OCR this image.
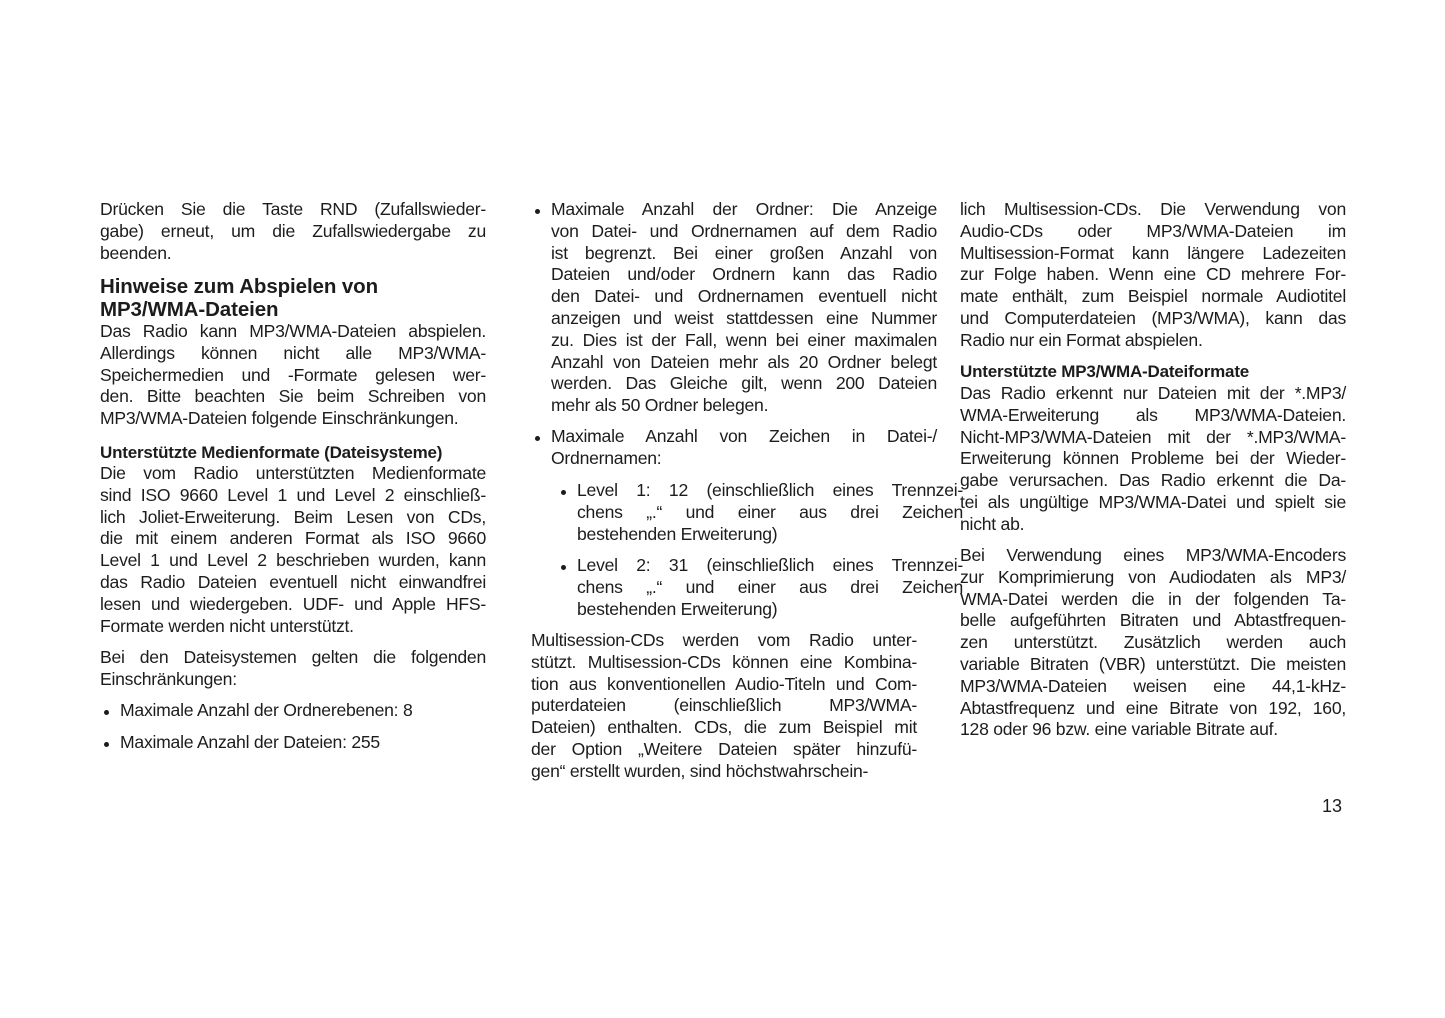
Drücken Sie die Taste RND (Zufallswieder-
gabe) erneut, um die Zufallswiedergabe zu
beenden.
Hinweise zum Abspielen von
MP3/WMA-Dateien
Das Radio kann MP3/WMA-Dateien abspielen.
Allerdings können nicht alle MP3/WMA-
Speichermedien und -Formate gelesen wer-
den. Bitte beachten Sie beim Schreiben von
MP3/WMA-Dateien folgende Einschränkungen.
Unterstützte Medienformate (Dateisysteme)
Die vom Radio unterstützten Medienformate
sind ISO 9660 Level 1 und Level 2 einschließ-
lich Joliet-Erweiterung. Beim Lesen von CDs,
die mit einem anderen Format als ISO 9660
Level 1 und Level 2 beschrieben wurden, kann
das Radio Dateien eventuell nicht einwandfrei
lesen und wiedergeben. UDF- und Apple HFS-
Formate werden nicht unterstützt.
Bei den Dateisystemen gelten die folgenden
Einschränkungen:
Maximale Anzahl der Ordnerebenen: 8
Maximale Anzahl der Dateien: 255
Maximale Anzahl der Ordner: Die Anzeige
von Datei- und Ordnernamen auf dem Radio
ist begrenzt. Bei einer großen Anzahl von
Dateien und/oder Ordnern kann das Radio
den Datei- und Ordnernamen eventuell nicht
anzeigen und weist stattdessen eine Nummer
zu. Dies ist der Fall, wenn bei einer maximalen
Anzahl von Dateien mehr als 20 Ordner belegt
werden. Das Gleiche gilt, wenn 200 Dateien
mehr als 50 Ordner belegen.
Maximale Anzahl von Zeichen in Datei-/
Ordnernamen:
Level 1: 12 (einschließlich eines Trennzei-
chens „.“ und einer aus drei Zeichen
bestehenden Erweiterung)
Level 2: 31 (einschließlich eines Trennzei-
chens „.“ und einer aus drei Zeichen
bestehenden Erweiterung)
Multisession-CDs werden vom Radio unter-
stützt. Multisession-CDs können eine Kombina-
tion aus konventionellen Audio-Titeln und Com-
puterdateien (einschließlich MP3/WMA-
Dateien) enthalten. CDs, die zum Beispiel mit
der Option „Weitere Dateien später hinzufü-
gen“ erstellt wurden, sind höchstwahrschein-
lich Multisession-CDs. Die Verwendung von
Audio-CDs oder MP3/WMA-Dateien im
Multisession-Format kann längere Ladezeiten
zur Folge haben. Wenn eine CD mehrere For-
mate enthält, zum Beispiel normale Audiotitel
und Computerdateien (MP3/WMA), kann das
Radio nur ein Format abspielen.
Unterstützte MP3/WMA-Dateiformate
Das Radio erkennt nur Dateien mit der *.MP3/
WMA-Erweiterung als MP3/WMA-Dateien.
Nicht-MP3/WMA-Dateien mit der *.MP3/WMA-
Erweiterung können Probleme bei der Wieder-
gabe verursachen. Das Radio erkennt die Da-
tei als ungültige MP3/WMA-Datei und spielt sie
nicht ab.
Bei Verwendung eines MP3/WMA-Encoders
zur Komprimierung von Audiodaten als MP3/
WMA-Datei werden die in der folgenden Ta-
belle aufgeführten Bitraten und Abtastfrequen-
zen unterstützt. Zusätzlich werden auch
variable Bitraten (VBR) unterstützt. Die meisten
MP3/WMA-Dateien weisen eine 44,1-kHz-
Abtastfrequenz und eine Bitrate von 192, 160,
128 oder 96 bzw. eine variable Bitrate auf.
13
